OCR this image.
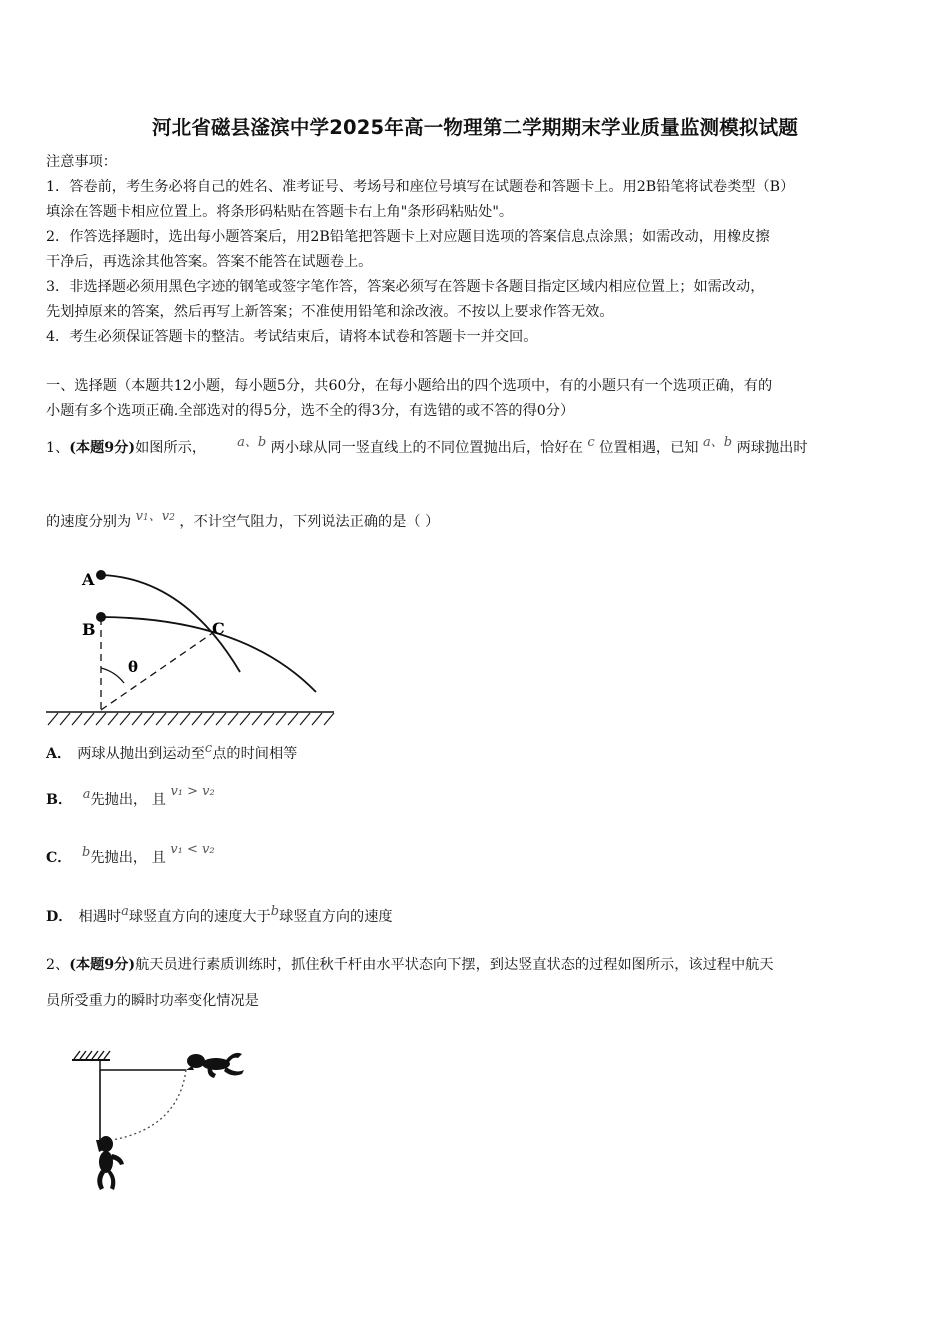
河北省磁县滏滨中学2025年高一物理第二学期期末学业质量监测模拟试题
注意事项：
1．答卷前，考生务必将自己的姓名、准考证号、考场号和座位号填写在试题卷和答题卡上。用2B铅笔将试卷类型（B）
填涂在答题卡相应位置上。将条形码粘贴在答题卡右上角"条形码粘贴处"。
2．作答选择题时，选出每小题答案后，用2B铅笔把答题卡上对应题目选项的答案信息点涂黑；如需改动，用橡皮擦
干净后，再选涂其他答案。答案不能答在试题卷上。
3．非选择题必须用黑色字迹的钢笔或签字笔作答，答案必须写在答题卡各题目指定区域内相应位置上；如需改动，
先划掉原来的答案，然后再写上新答案；不准使用铅笔和涂改液。不按以上要求作答无效。
4．考生必须保证答题卡的整洁。考试结束后，请将本试卷和答题卡一并交回。
一、选择题（本题共12小题，每小题5分，共60分，在每小题给出的四个选项中，有的小题只有一个选项正确，有的
小题有多个选项正确.全部选对的得5分，选不全的得3分，有选错的或不答的得0分）
1、(本题9分)如图所示， a、b 两小球从同一竖直线上的不同位置抛出后，恰好在 c 位置相遇，已知 a、b 两球抛出时
的速度分别为 v1、v2 ，不计空气阻力，下列说法正确的是（ ）
A
B	C
θ
A． 两球从抛出到运动至c点的时间相等
B． a先抛出， 且 v₁ > v₂
C． b先抛出， 且 v₁ < v₂
D． 相遇时a球竖直方向的速度大于b球竖直方向的速度
2、(本题9分)航天员进行素质训练时，抓住秋千杆由水平状态向下摆，到达竖直状态的过程如图所示，该过程中航天
员所受重力的瞬时功率变化情况是
